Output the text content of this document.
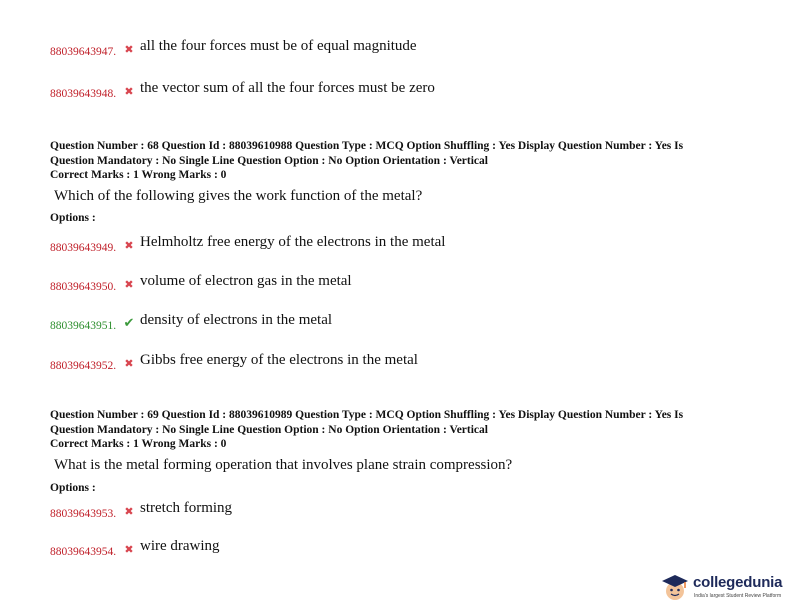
88039643947. ✖ all the four forces must be of equal magnitude
88039643948. ✖ the vector sum of all the four forces must be zero
Question Number : 68 Question Id : 88039610988 Question Type : MCQ Option Shuffling : Yes Display Question Number : Yes Is
Question Mandatory : No Single Line Question Option : No Option Orientation : Vertical
Correct Marks : 1 Wrong Marks : 0
Which of the following gives the work function of the metal?
Options :
88039643949. ✖ Helmholtz free energy of the electrons in the metal
88039643950. ✖ volume of electron gas in the metal
88039643951. ✔ density of electrons in the metal
88039643952. ✖ Gibbs free energy of the electrons in the metal
Question Number : 69 Question Id : 88039610989 Question Type : MCQ Option Shuffling : Yes Display Question Number : Yes Is
Question Mandatory : No Single Line Question Option : No Option Orientation : Vertical
Correct Marks : 1 Wrong Marks : 0
What is the metal forming operation that involves plane strain compression?
Options :
88039643953. ✖ stretch forming
88039643954. ✖ wire drawing
collegedunia
India's largest Student Review Platform
